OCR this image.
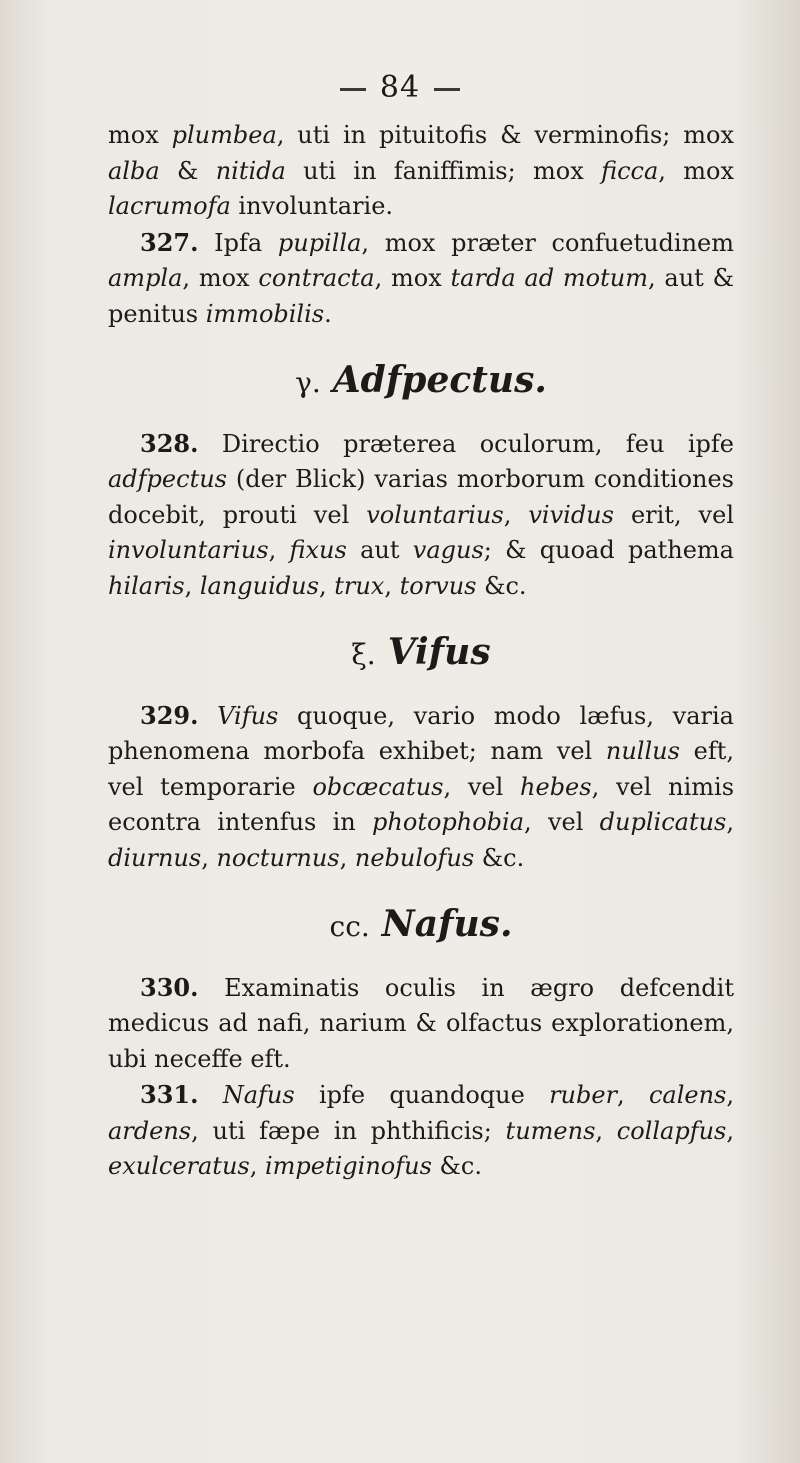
84

mox plumbea, uti in pituitofis & verminofis; mox alba & nitida uti in faniffimis; mox ficca, mox lacrumofa involuntarie.

327. Ipfa pupilla, mox præter confuetudinem ampla, mox contracta, mox tarda ad motum, aut & penitus immobilis.

γ. Adfpectus.

328. Directio præterea oculorum, feu ipfe adfpectus (der Blick) varias morborum conditiones docebit, prouti vel voluntarius, vividus erit, vel involuntarius, fixus aut vagus; & quoad pathema hilaris, languidus, trux, torvus &c.

ξ. Vifus

329. Vifus quoque, vario modo læfus, varia phenomena morbofa exhibet; nam vel nullus eft, vel temporarie obcæcatus, vel hebes, vel nimis econtra intenfus in photophobia, vel duplicatus, diurnus, nocturnus, nebulofus &c.

cc. Nafus.

330. Examinatis oculis in ægro defcendit medicus ad nafi, narium & olfactus explorationem, ubi neceffe eft.

331. Nafus ipfe quandoque ruber, calens, ardens, uti fæpe in phthificis; tumens, collapfus, exulceratus, impetiginofus &c.
